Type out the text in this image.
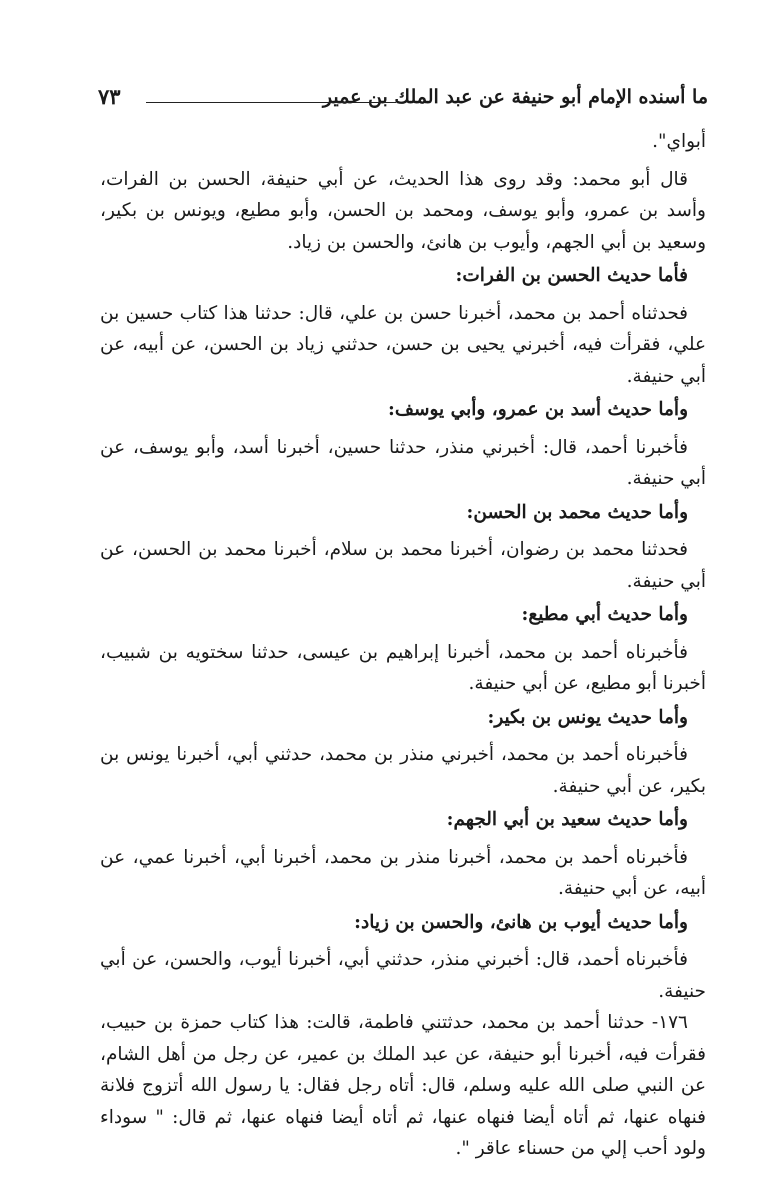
ما أسنده الإمام أبو حنيفة عن عبد الملك بن عمير
٧٣

أبواي".

قال أبو محمد: وقد روى هذا الحديث، عن أبي حنيفة، الحسن بن الفرات، وأسد بن عمرو، وأبو يوسف، ومحمد بن الحسن، وأبو مطيع، ويونس بن بكير، وسعيد بن أبي الجهم، وأيوب بن هانئ، والحسن بن زياد.

فأما حديث الحسن بن الفرات:

فحدثناه أحمد بن محمد، أخبرنا حسن بن علي، قال: حدثنا هذا كتاب حسين بن علي، فقرأت فيه، أخبرني يحيى بن حسن، حدثني زياد بن الحسن، عن أبيه، عن أبي حنيفة.

وأما حديث أسد بن عمرو، وأبي يوسف:

فأخبرنا أحمد، قال: أخبرني منذر، حدثنا حسين، أخبرنا أسد، وأبو يوسف، عن أبي حنيفة.

وأما حديث محمد بن الحسن:

فحدثنا محمد بن رضوان، أخبرنا محمد بن سلام، أخبرنا محمد بن الحسن، عن أبي حنيفة.

وأما حديث أبي مطيع:

فأخبرناه أحمد بن محمد، أخبرنا إبراهيم بن عيسى، حدثنا سختويه بن شبيب، أخبرنا أبو مطيع، عن أبي حنيفة.

وأما حديث يونس بن بكير:

فأخبرناه أحمد بن محمد، أخبرني منذر بن محمد، حدثني أبي، أخبرنا يونس بن بكير، عن أبي حنيفة.

وأما حديث سعيد بن أبي الجهم:

فأخبرناه أحمد بن محمد، أخبرنا منذر بن محمد، أخبرنا أبي، أخبرنا عمي، عن أبيه، عن أبي حنيفة.

وأما حديث أيوب بن هانئ، والحسن بن زياد:

فأخبرناه أحمد، قال: أخبرني منذر، حدثني أبي، أخبرنا أيوب، والحسن، عن أبي حنيفة.

١٧٦- حدثنا أحمد بن محمد، حدثتني فاطمة، قالت: هذا كتاب حمزة بن حبيب، فقرأت فيه، أخبرنا أبو حنيفة، عن عبد الملك بن عمير، عن رجل من أهل الشام، عن النبي صلى الله عليه وسلم، قال: أتاه رجل فقال: يا رسول الله أتزوج فلانة فنهاه عنها، ثم أتاه أيضا فنهاه عنها، ثم أتاه أيضا فنهاه عنها، ثم قال: " سوداء ولود أحب إلي من حسناء عاقر ".
